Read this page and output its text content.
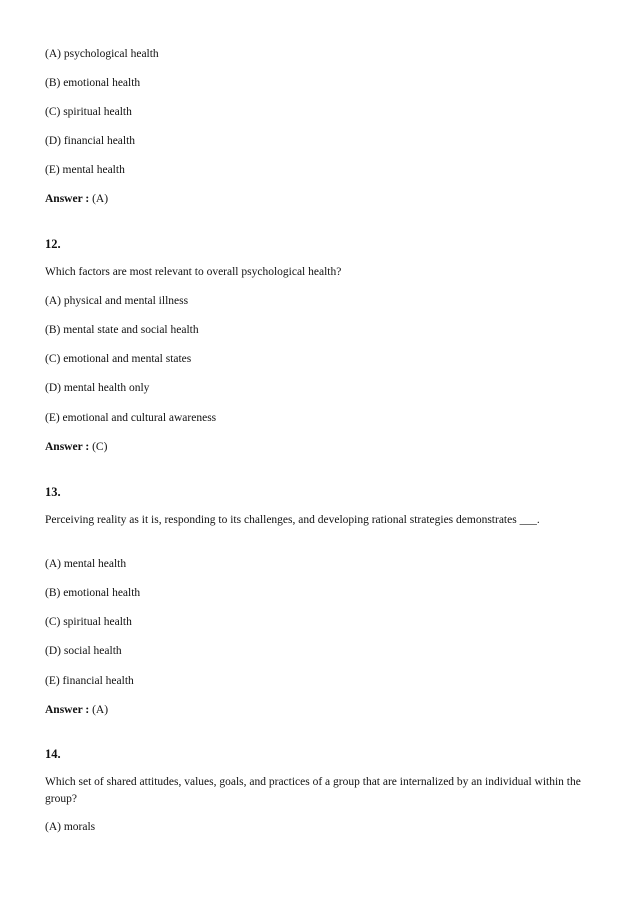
(A) psychological health
(B) emotional health
(C) spiritual health
(D) financial health
(E) mental health
Answer : (A)
12.
Which factors are most relevant to overall psychological health?
(A) physical and mental illness
(B) mental state and social health
(C) emotional and mental states
(D) mental health only
(E) emotional and cultural awareness
Answer : (C)
13.
Perceiving reality as it is, responding to its challenges, and developing rational strategies demonstrates ___.
(A) mental health
(B) emotional health
(C) spiritual health
(D) social health
(E) financial health
Answer : (A)
14.
Which set of shared attitudes, values, goals, and practices of a group that are internalized by an individual within the group?
(A) morals
